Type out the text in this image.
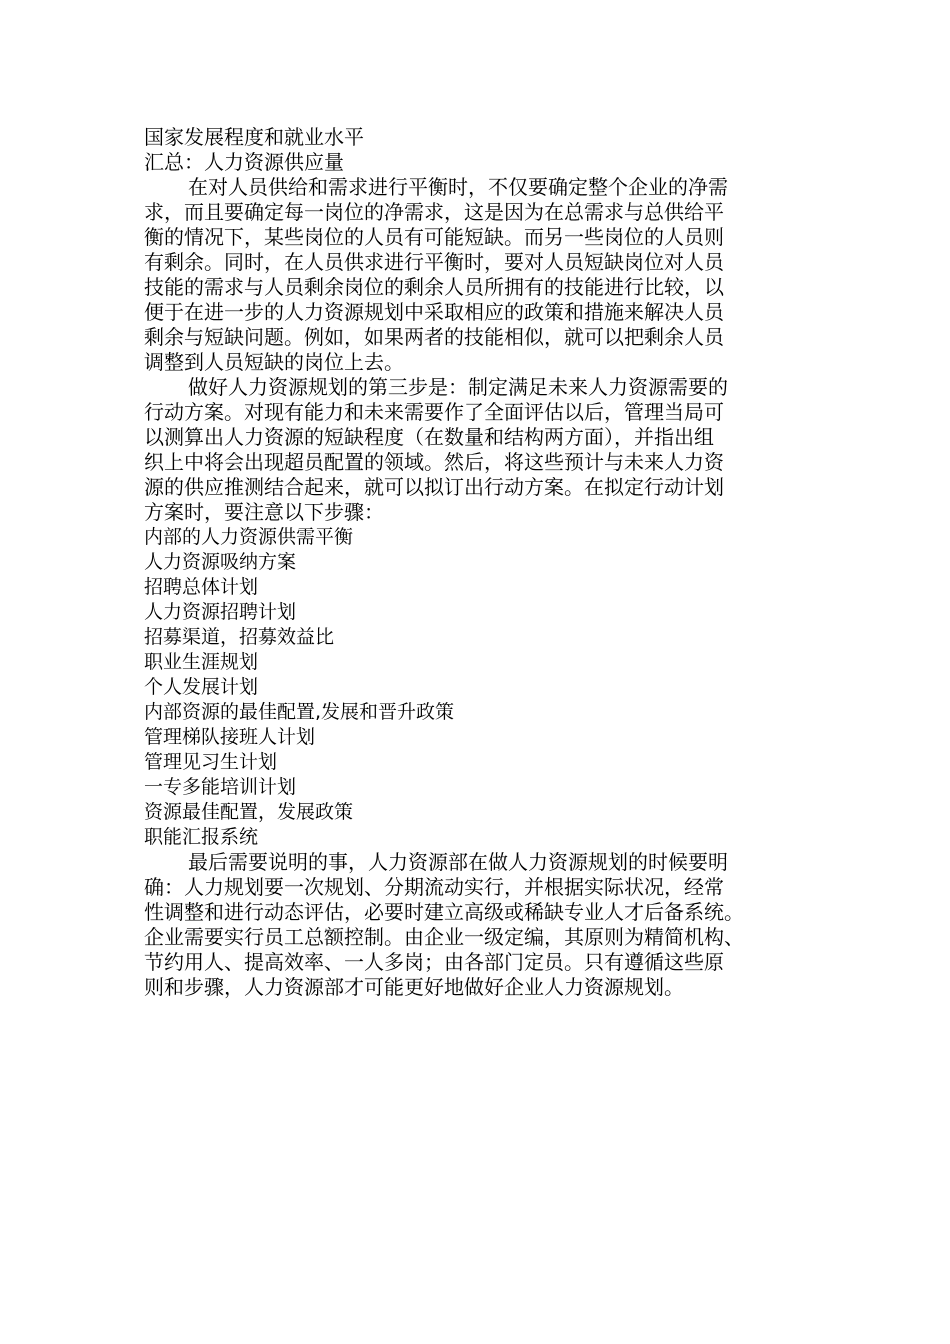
国家发展程度和就业水平
汇总：人力资源供应量
在对人员供给和需求进行平衡时，不仅要确定整个企业的净需
求，而且要确定每一岗位的净需求，这是因为在总需求与总供给平
衡的情况下，某些岗位的人员有可能短缺。而另一些岗位的人员则
有剩余。同时，在人员供求进行平衡时，要对人员短缺岗位对人员
技能的需求与人员剩余岗位的剩余人员所拥有的技能进行比较，以
便于在进一步的人力资源规划中采取相应的政策和措施来解决人员
剩余与短缺问题。例如，如果两者的技能相似，就可以把剩余人员
调整到人员短缺的岗位上去。
做好人力资源规划的第三步是：制定满足未来人力资源需要的
行动方案。对现有能力和未来需要作了全面评估以后，管理当局可
以测算出人力资源的短缺程度（在数量和结构两方面），并指出组
织上中将会出现超员配置的领域。然后，将这些预计与未来人力资
源的供应推测结合起来，就可以拟订出行动方案。在拟定行动计划
方案时，要注意以下步骤：
内部的人力资源供需平衡
人力资源吸纳方案
招聘总体计划
人力资源招聘计划
招募渠道，招募效益比
职业生涯规划
个人发展计划
内部资源的最佳配置,发展和晋升政策
管理梯队接班人计划
管理见习生计划
一专多能培训计划
资源最佳配置，发展政策
职能汇报系统
最后需要说明的事，人力资源部在做人力资源规划的时候要明
确：人力规划要一次规划、分期流动实行，并根据实际状况，经常
性调整和进行动态评估，必要时建立高级或稀缺专业人才后备系统。
企业需要实行员工总额控制。由企业一级定编，其原则为精简机构、
节约用人、提高效率、一人多岗；由各部门定员。只有遵循这些原
则和步骤，人力资源部才可能更好地做好企业人力资源规划。
